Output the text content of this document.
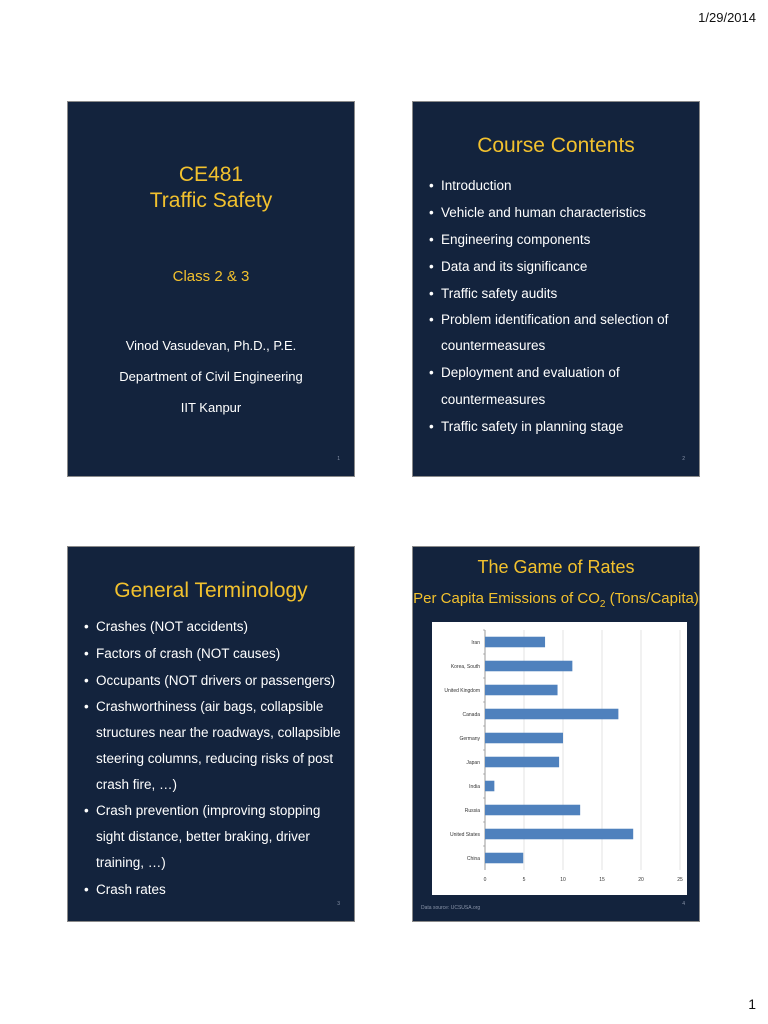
1/29/2014
CE481
Traffic Safety
Class 2 & 3
Vinod Vasudevan, Ph.D., P.E.
Department of Civil Engineering
IIT Kanpur
1
Course Contents
• Introduction
• Vehicle and human characteristics
• Engineering components
• Data and its significance
• Traffic safety audits
• Problem identification and selection of countermeasures
• Deployment and evaluation of countermeasures
• Traffic safety in planning stage
2
General Terminology
• Crashes (NOT accidents)
• Factors of crash (NOT causes)
• Occupants (NOT drivers or passengers)
• Crashworthiness (air bags, collapsible structures near the roadways, collapsible steering columns, reducing risks of post crash fire, …)
• Crash prevention (improving stopping sight distance, better braking, driver training, …)
• Crash rates
3
The Game of Rates
Per Capita Emissions of $CO_2$ (Tons/Capita)
0	5	10	15	20	25
Iran
Korea, South
United Kingdom
Canada
Germany
Japan
India
Russia
United States
China
Data source: UCSUSA.org
4
1
